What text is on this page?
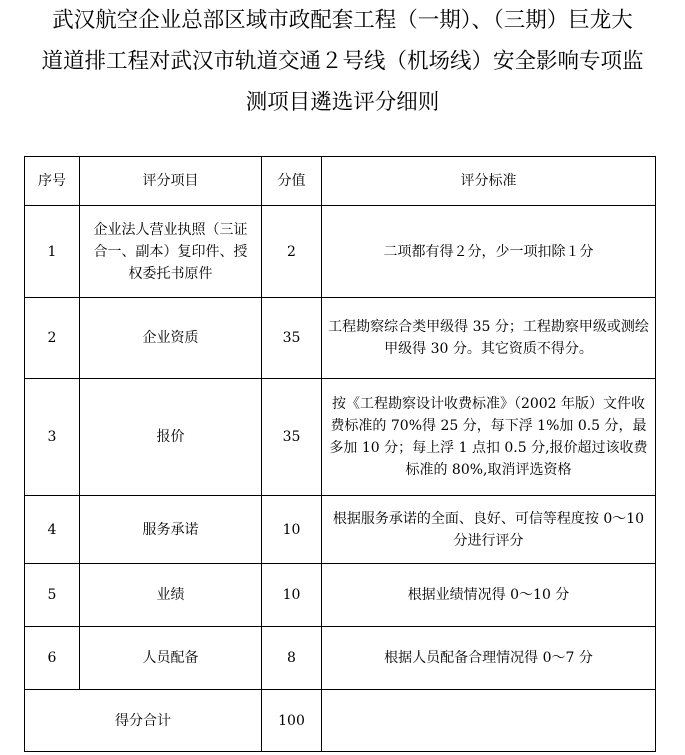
武汉航空企业总部区域市政配套工程（一期）、（三期）巨龙大
道道排工程对武汉市轨道交通２号线（机场线）安全影响专项监
测项目遴选评分细则
序号	评分项目	分值	评分标准
1	企业法人营业执照（三证合一、副本）复印件、授权委托书原件	2	二项都有得２分，少一项扣除１分
2	企业资质	35	工程勘察综合类甲级得 35 分；工程勘察甲级或测绘甲级得 30 分。其它资质不得分。
3	报价	35	按《工程勘察设计收费标准》（2002 年版）文件收费标准的 70%得 25 分，每下浮 1%加 0.5 分，最多加 10 分；每上浮 1 点扣 0.5 分,报价超过该收费标准的 80%,取消评选资格
4	服务承诺	10	根据服务承诺的全面、良好、可信等程度按 0～10 分进行评分
5	业绩	10	根据业绩情况得 0～10 分
6	人员配备	8	根据人员配备合理情况得 0～7 分
得分合计		100	
